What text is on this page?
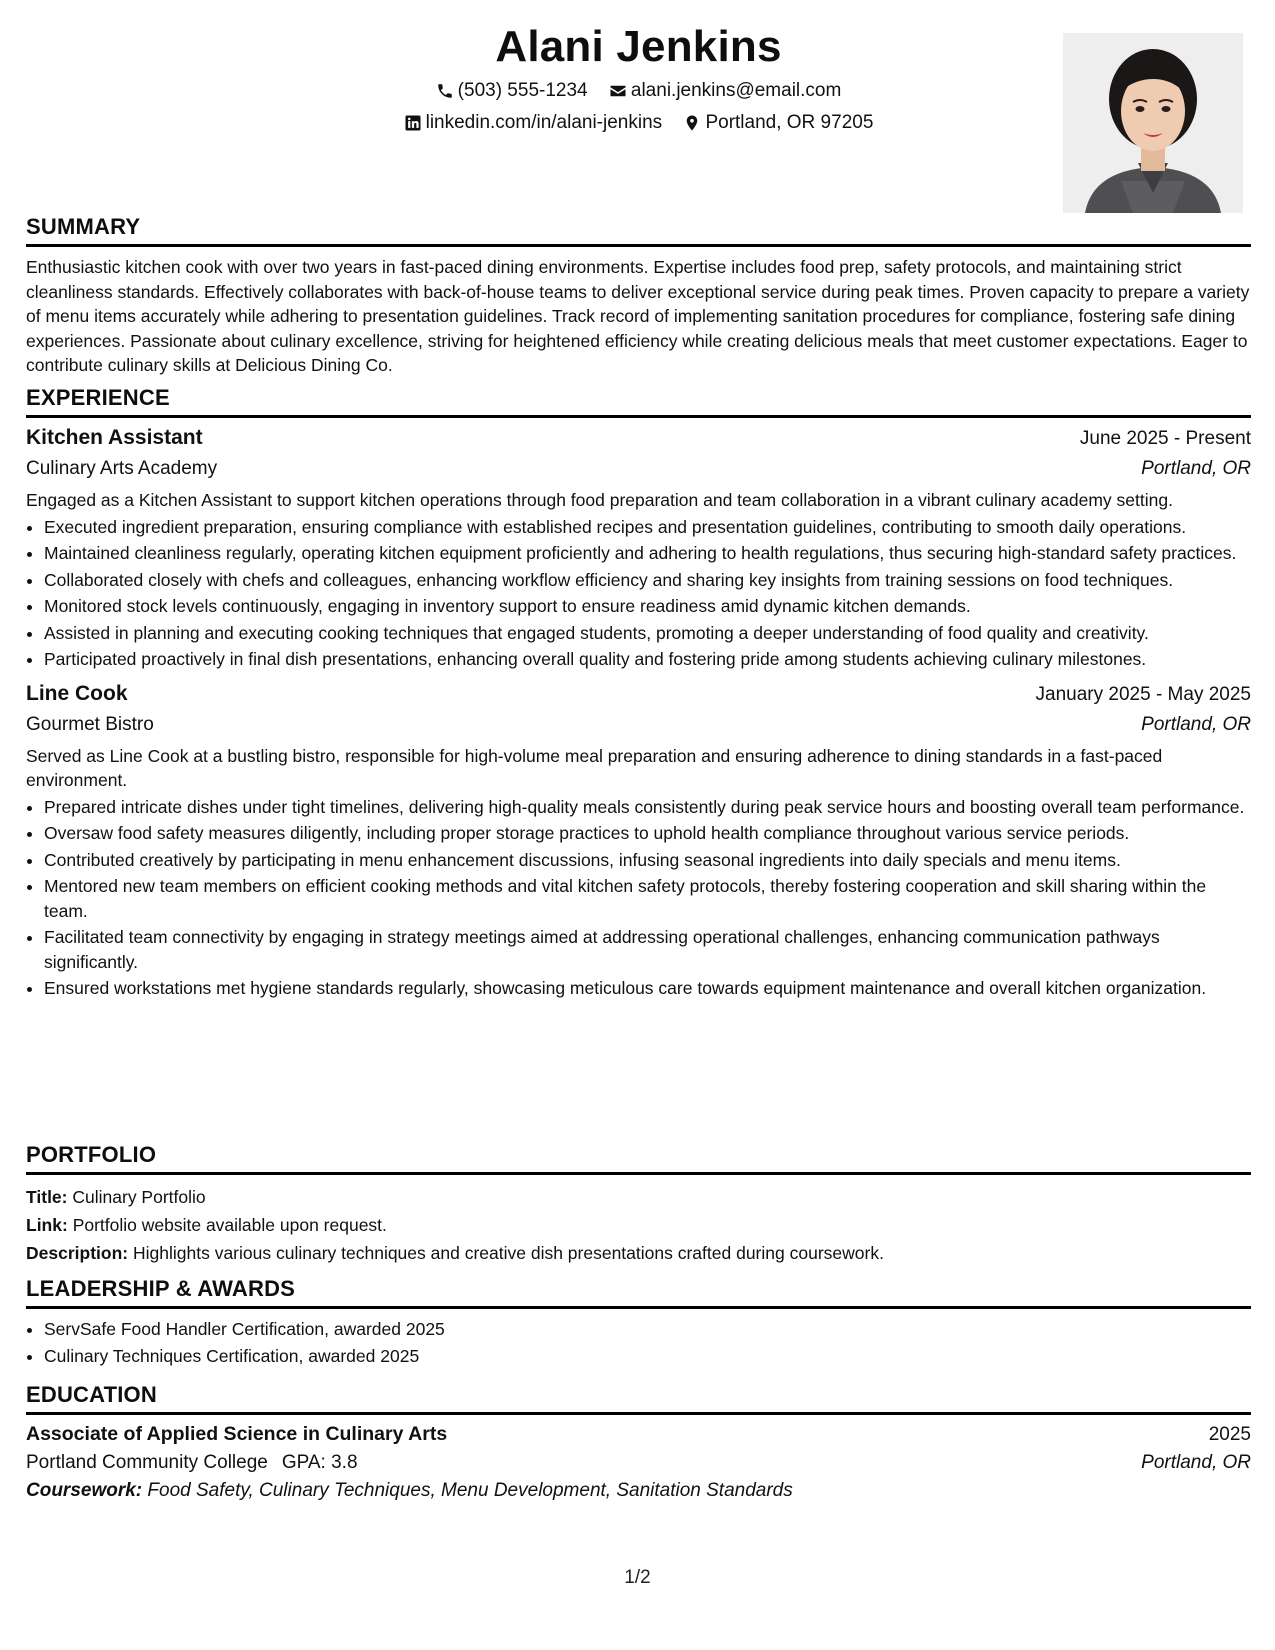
Alani Jenkins
(503) 555-1234
alani.jenkins@email.com
linkedin.com/in/alani-jenkins
Portland, OR 97205
SUMMARY

Enthusiastic kitchen cook with over two years in fast-paced dining environments. Expertise includes food prep, safety protocols, and maintaining strict cleanliness standards. Effectively collaborates with back-of-house teams to deliver exceptional service during peak times. Proven capacity to prepare a variety of menu items accurately while adhering to presentation guidelines. Track record of implementing sanitation procedures for compliance, fostering safe dining experiences. Passionate about culinary excellence, striving for heightened efficiency while creating delicious meals that meet customer expectations. Eager to contribute culinary skills at Delicious Dining Co.

EXPERIENCE
Kitchen Assistant	June 2025 - Present
Culinary Arts Academy	Portland, OR

Engaged as a Kitchen Assistant to support kitchen operations through food preparation and team collaboration in a vibrant culinary academy setting.

• Executed ingredient preparation, ensuring compliance with established recipes and presentation guidelines, contributing to smooth daily operations.
• Maintained cleanliness regularly, operating kitchen equipment proficiently and adhering to health regulations, thus securing high-standard safety practices.
• Collaborated closely with chefs and colleagues, enhancing workflow efficiency and sharing key insights from training sessions on food techniques.
• Monitored stock levels continuously, engaging in inventory support to ensure readiness amid dynamic kitchen demands.
• Assisted in planning and executing cooking techniques that engaged students, promoting a deeper understanding of food quality and creativity.
• Participated proactively in final dish presentations, enhancing overall quality and fostering pride among students achieving culinary milestones.
Line Cook	January 2025 - May 2025
Gourmet Bistro	Portland, OR

Served as Line Cook at a bustling bistro, responsible for high-volume meal preparation and ensuring adherence to dining standards in a fast-paced environment.

• Prepared intricate dishes under tight timelines, delivering high-quality meals consistently during peak service hours and boosting overall team performance.
• Oversaw food safety measures diligently, including proper storage practices to uphold health compliance throughout various service periods.
• Contributed creatively by participating in menu enhancement discussions, infusing seasonal ingredients into daily specials and menu items.
• Mentored new team members on efficient cooking methods and vital kitchen safety protocols, thereby fostering cooperation and skill sharing within the team.
• Facilitated team connectivity by engaging in strategy meetings aimed at addressing operational challenges, enhancing communication pathways significantly.
• Ensured workstations met hygiene standards regularly, showcasing meticulous care towards equipment maintenance and overall kitchen organization.
PORTFOLIO
Title: Culinary Portfolio
Link: Portfolio website available upon request.
Description: Highlights various culinary techniques and creative dish presentations crafted during coursework.
LEADERSHIP & AWARDS
• ServSafe Food Handler Certification, awarded 2025
• Culinary Techniques Certification, awarded 2025
EDUCATION
Associate of Applied Science in Culinary Arts	2025
Portland Community College GPA: 3.8	Portland, OR
Coursework: Food Safety, Culinary Techniques, Menu Development, Sanitation Standards
1/2
